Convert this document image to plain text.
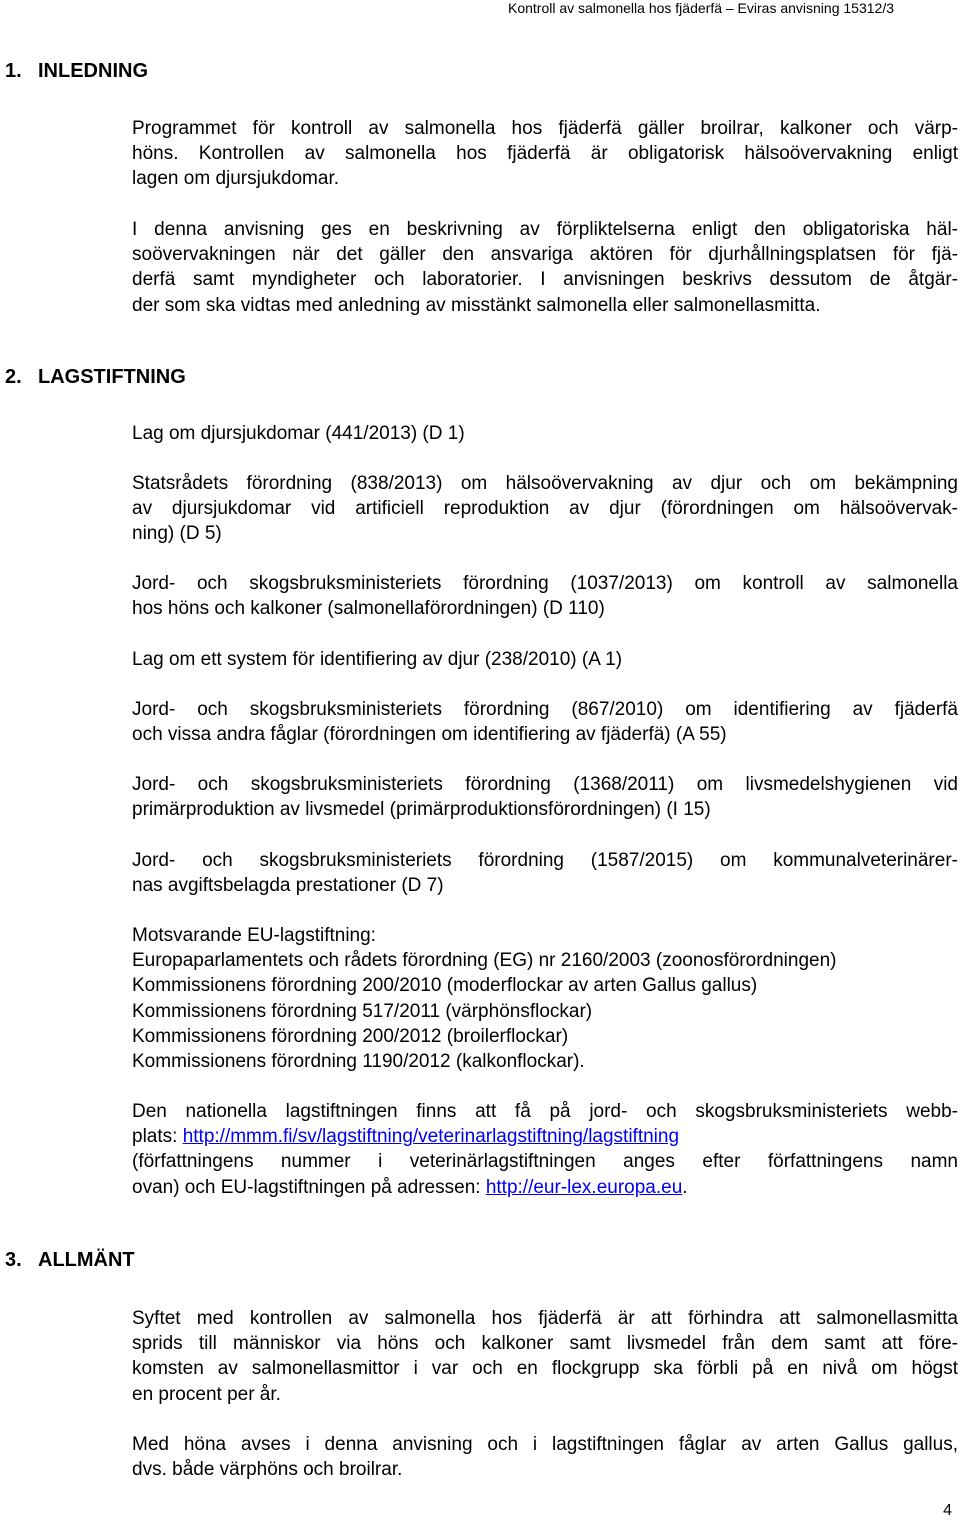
Kontroll av salmonella hos fjäderfä – Eviras anvisning 15312/3
1. INLEDNING
Programmet för kontroll av salmonella hos fjäderfä gäller broilrar, kalkoner och värp-
höns. Kontrollen av salmonella hos fjäderfä är obligatorisk hälsoövervakning enligt
lagen om djursjukdomar.
I denna anvisning ges en beskrivning av förpliktelserna enligt den obligatoriska häl-
soövervakningen när det gäller den ansvariga aktören för djurhållningsplatsen för fjä-
derfä samt myndigheter och laboratorier. I anvisningen beskrivs dessutom de åtgär-
der som ska vidtas med anledning av misstänkt salmonella eller salmonellasmitta.
2. LAGSTIFTNING
Lag om djursjukdomar (441/2013) (D 1)
Statsrådets förordning (838/2013) om hälsoövervakning av djur och om bekämpning
av djursjukdomar vid artificiell reproduktion av djur (förordningen om hälsoövervak-
ning) (D 5)
Jord- och skogsbruksministeriets förordning (1037/2013) om kontroll av salmonella
hos höns och kalkoner (salmonellaförordningen) (D 110)
Lag om ett system för identifiering av djur (238/2010) (A 1)
Jord- och skogsbruksministeriets förordning (867/2010) om identifiering av fjäderfä
och vissa andra fåglar (förordningen om identifiering av fjäderfä) (A 55)
Jord- och skogsbruksministeriets förordning (1368/2011) om livsmedelshygienen vid
primärproduktion av livsmedel (primärproduktionsförordningen) (I 15)
Jord- och skogsbruksministeriets förordning (1587/2015) om kommunalveterinärer-
nas avgiftsbelagda prestationer (D 7)
Motsvarande EU-lagstiftning:
Europaparlamentets och rådets förordning (EG) nr 2160/2003 (zoonosförordningen)
Kommissionens förordning 200/2010 (moderflockar av arten Gallus gallus)
Kommissionens förordning 517/2011 (värphönsflockar)
Kommissionens förordning 200/2012 (broilerflockar)
Kommissionens förordning 1190/2012 (kalkonflockar).
Den nationella lagstiftningen finns att få på jord- och skogsbruksministeriets webb-
plats: http://mmm.fi/sv/lagstiftning/veterinarlagstiftning/lagstiftning
(författningens nummer i veterinärlagstiftningen anges efter författningens namn
ovan) och EU-lagstiftningen på adressen: http://eur-lex.europa.eu.
3. ALLMÄNT
Syftet med kontrollen av salmonella hos fjäderfä är att förhindra att salmonellasmitta
sprids till människor via höns och kalkoner samt livsmedel från dem samt att före-
komsten av salmonellasmittor i var och en flockgrupp ska förbli på en nivå om högst
en procent per år.
Med höna avses i denna anvisning och i lagstiftningen fåglar av arten Gallus gallus,
dvs. både värphöns och broilrar.
4
